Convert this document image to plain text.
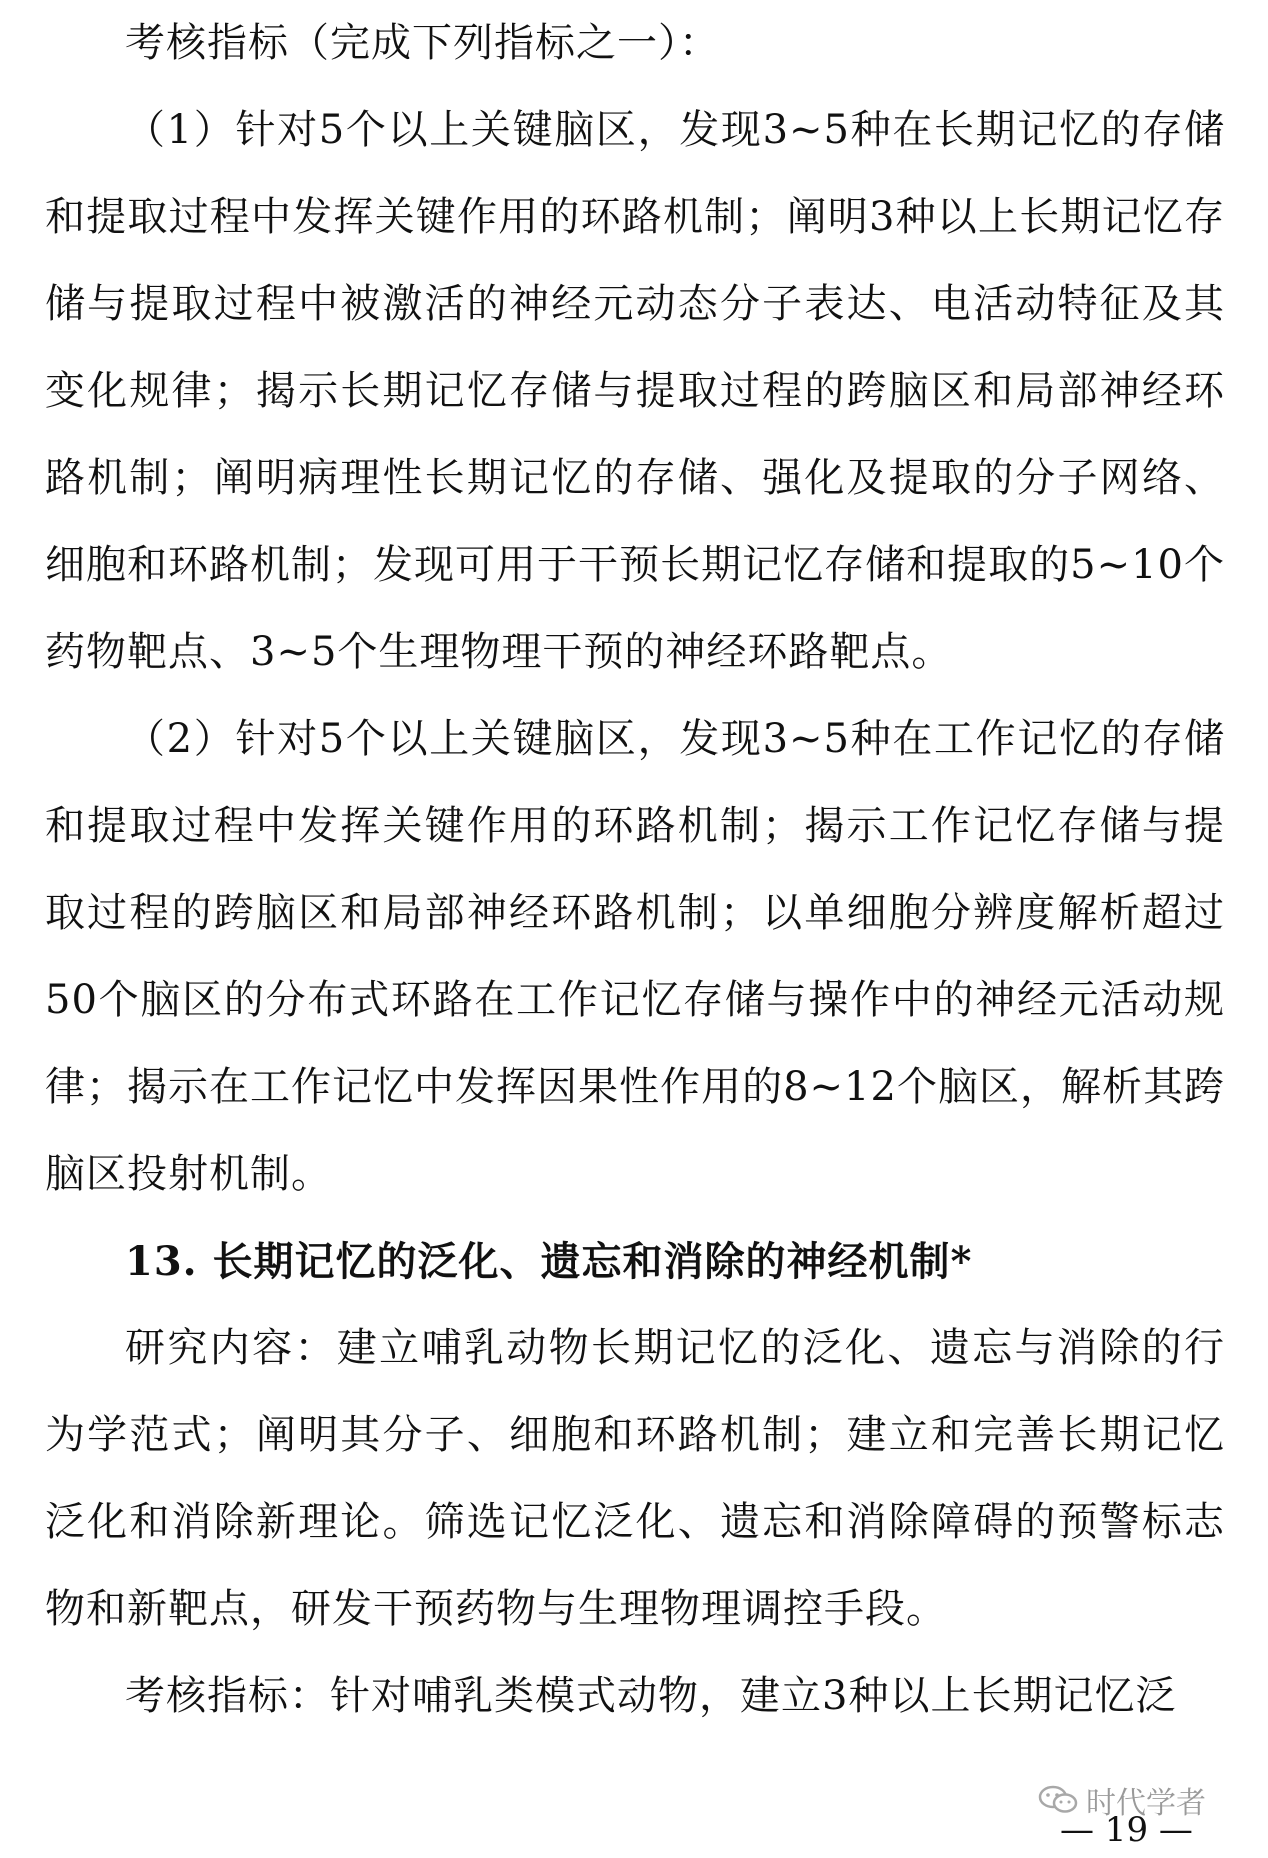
考核指标（完成下列指标之一）：

（1）针对5个以上关键脑区，发现3~5种在长期记忆的存储和提取过程中发挥关键作用的环路机制；阐明3种以上长期记忆存储与提取过程中被激活的神经元动态分子表达、电活动特征及其变化规律；揭示长期记忆存储与提取过程的跨脑区和局部神经环路机制；阐明病理性长期记忆的存储、强化及提取的分子网络、细胞和环路机制；发现可用于干预长期记忆存储和提取的5~10个药物靶点、3~5个生理物理干预的神经环路靶点。

（2）针对5个以上关键脑区，发现3~5种在工作记忆的存储和提取过程中发挥关键作用的环路机制；揭示工作记忆存储与提取过程的跨脑区和局部神经环路机制；以单细胞分辨度解析超过50个脑区的分布式环路在工作记忆存储与操作中的神经元活动规律；揭示在工作记忆中发挥因果性作用的8~12个脑区，解析其跨脑区投射机制。

13. 长期记忆的泛化、遗忘和消除的神经机制*

研究内容：建立哺乳动物长期记忆的泛化、遗忘与消除的行为学范式；阐明其分子、细胞和环路机制；建立和完善长期记忆泛化和消除新理论。筛选记忆泛化、遗忘和消除障碍的预警标志物和新靶点，研发干预药物与生理物理调控手段。

考核指标：针对哺乳类模式动物，建立3种以上长期记忆泛

时代学者
— 19 —
